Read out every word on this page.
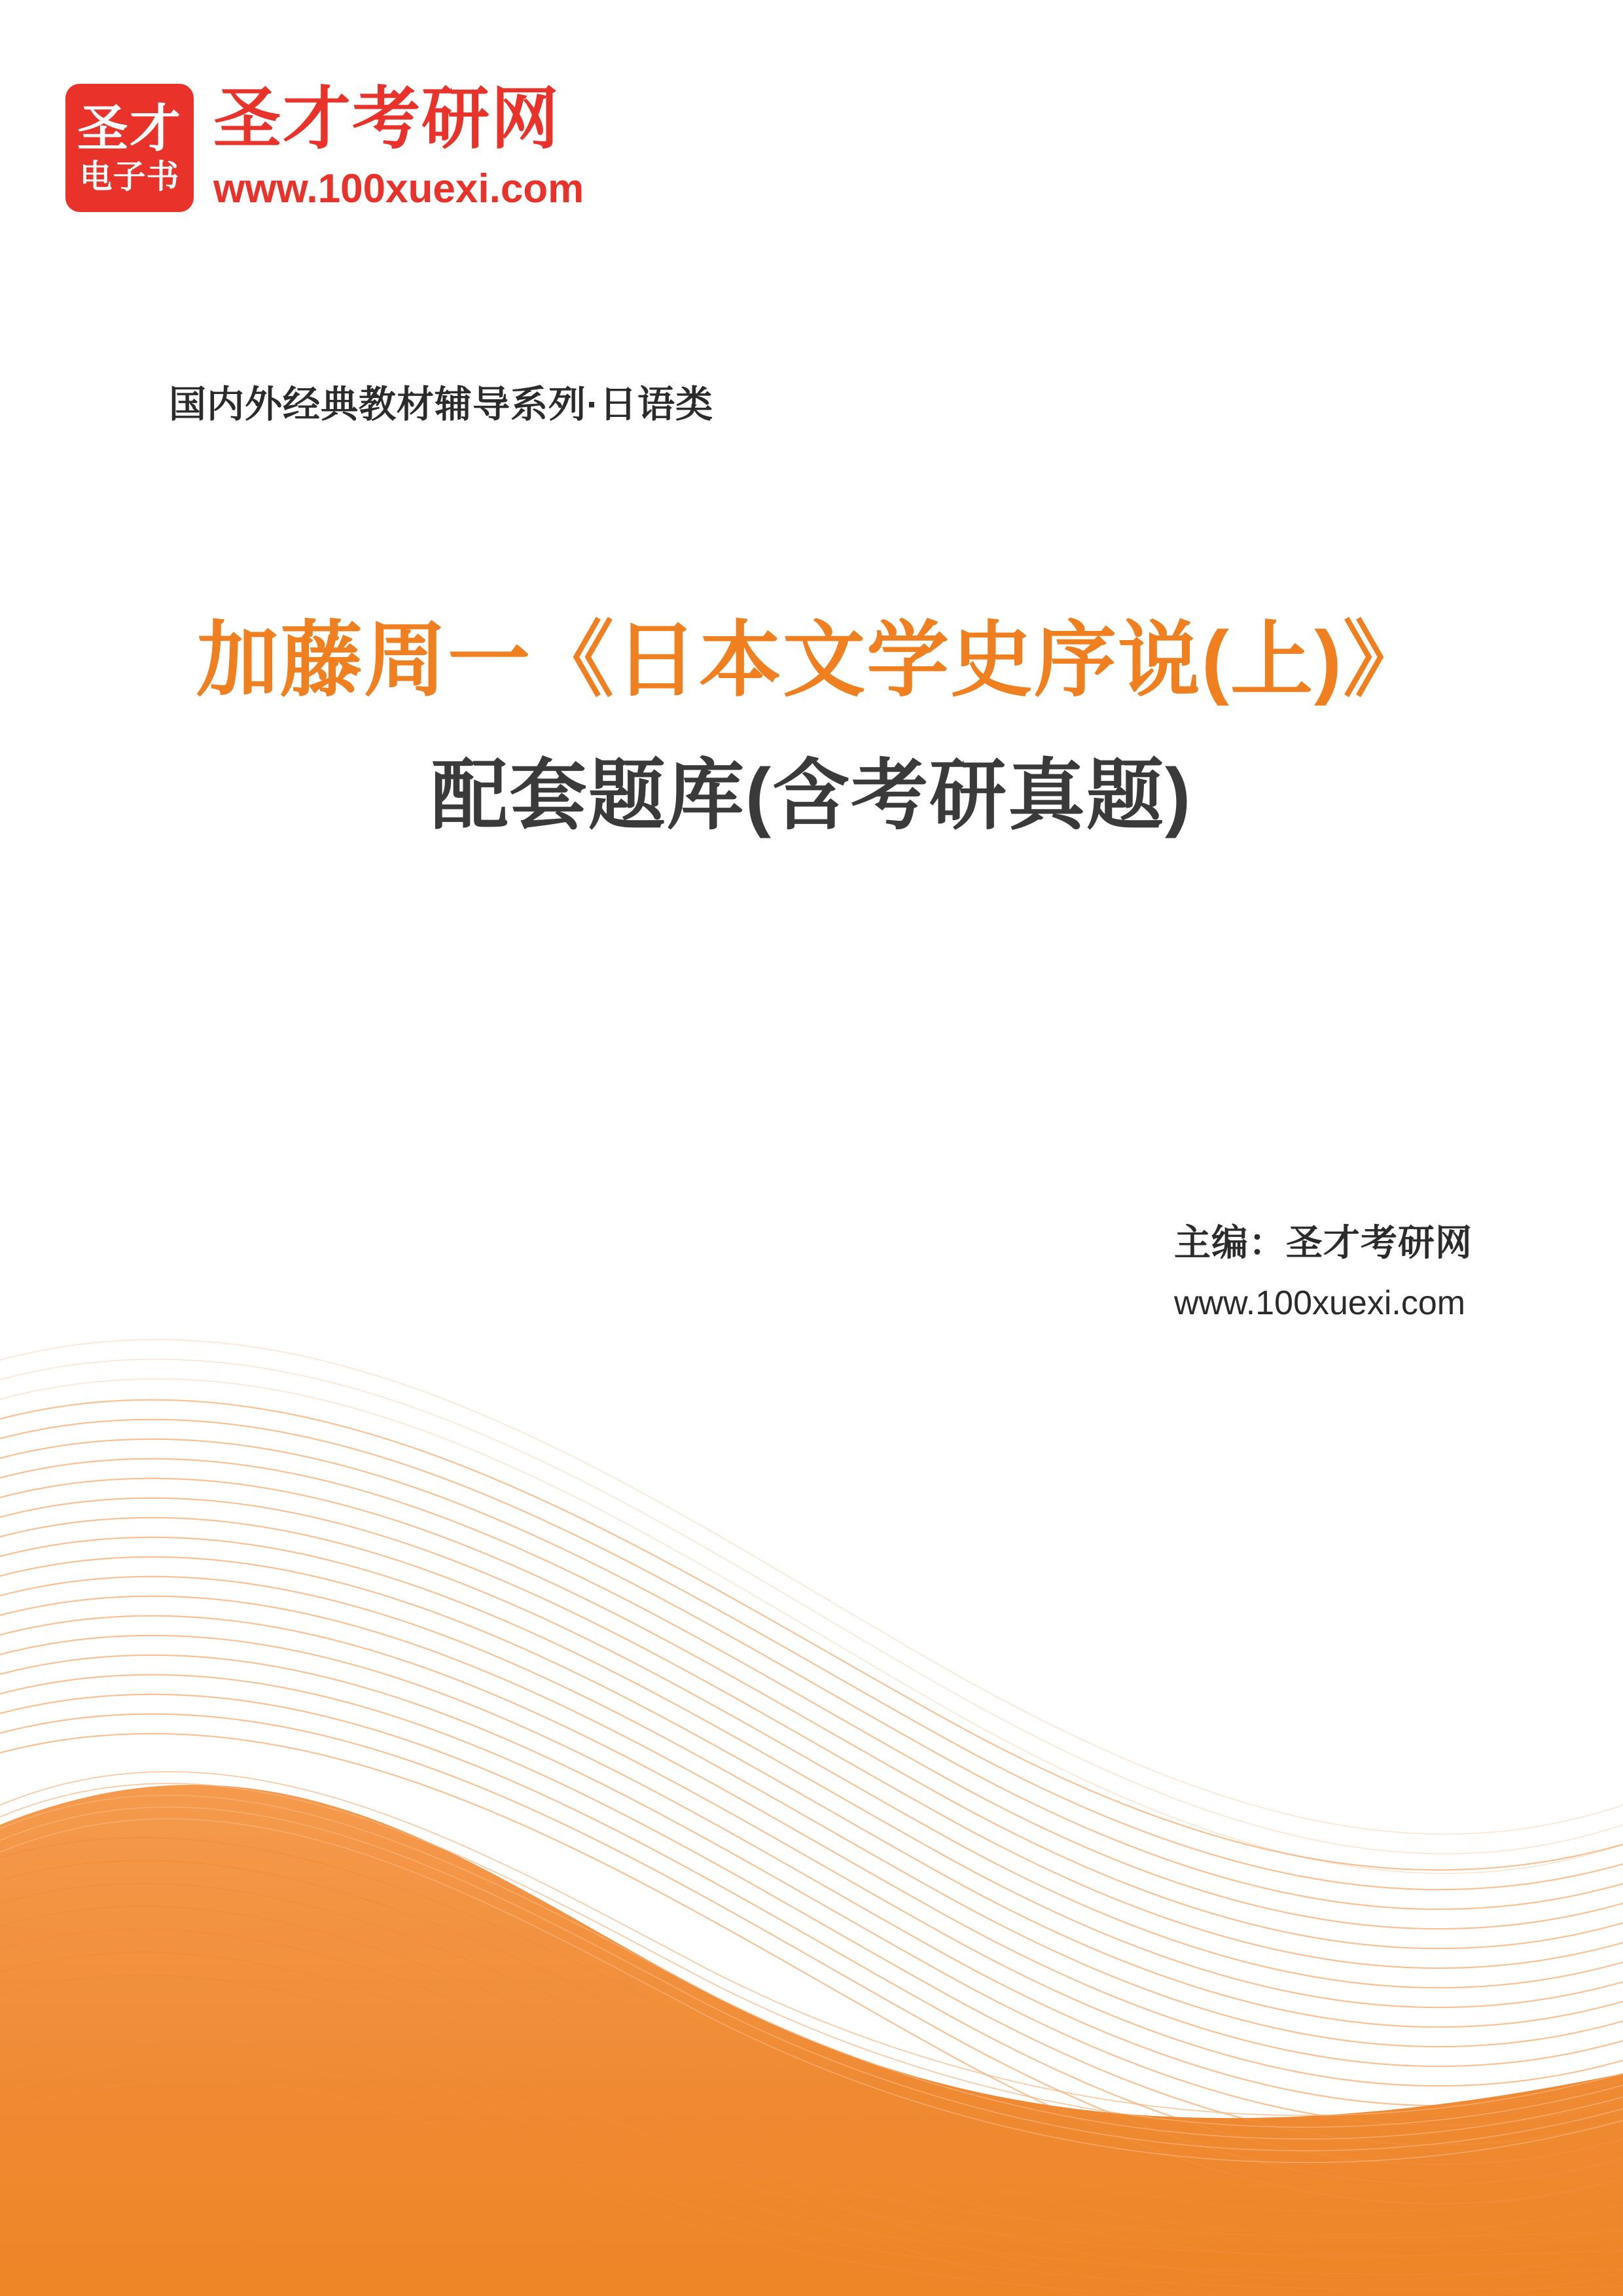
圣才
电子书
圣才考研网
www.100xuexi.com
国内外经典教材辅导系列·日语类
加藤周一《日本文学史序说(上)》
配套题库(含考研真题)
主编：圣才考研网
www.100xuexi.com
